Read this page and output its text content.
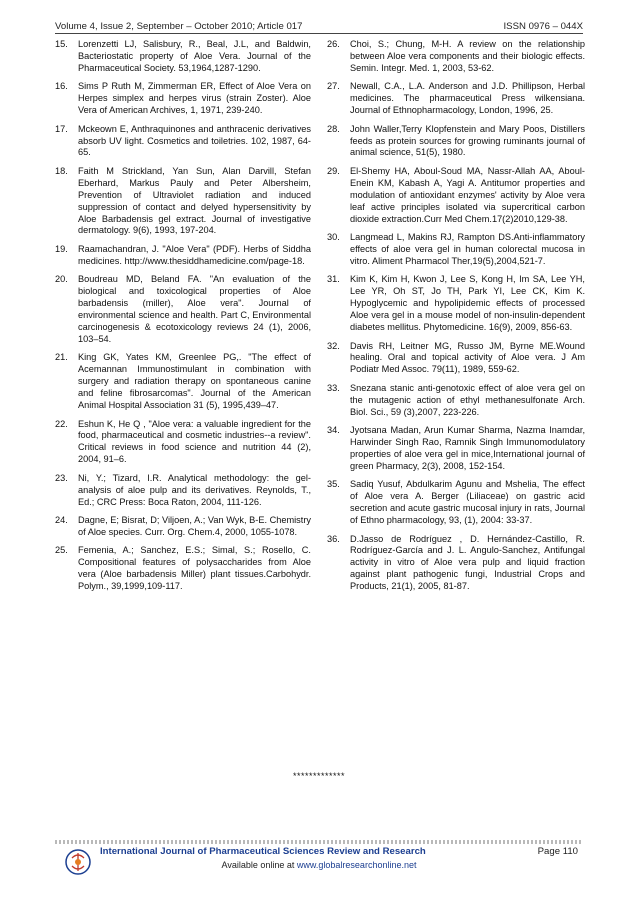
Volume 4, Issue 2, September – October 2010; Article 017	ISSN 0976 – 044X
15.	Lorenzetti LJ, Salisbury, R., Beal, J.L, and Baldwin, Bacteriostatic property of Aloe Vera. Journal of the Pharmaceutical Society. 53,1964,1287-1290.
16.	Sims P Ruth M, Zimmerman ER, Effect of Aloe Vera on Herpes simplex and herpes virus (strain Zoster). Aloe Vera of American Archives, 1, 1971, 239-240.
17.	Mckeown E, Anthraquinones and anthracenic derivatives absorb UV light. Cosmetics and toiletries. 102, 1987, 64-65.
18.	Faith M Strickland, Yan Sun, Alan Darvill, Stefan Eberhard, Markus Pauly and Peter Albersheim, Prevention of Ultraviolet radiation and induced suppression of contact and delyed hypersensitivity by Aloe Barbadensis gel extract. Journal of investigative dermatology. 9(6), 1993, 197-204.
19.	Raamachandran, J. "Aloe Vera" (PDF). Herbs of Siddha medicines. http://www.thesiddhamedicine.com/page-18.
20.	Boudreau MD, Beland FA. "An evaluation of the biological and toxicological properties of Aloe barbadensis (miller), Aloe vera". Journal of environmental science and health. Part C, Environmental carcinogenesis & ecotoxicology reviews 24 (1), 2006, 103–54.
21.	King GK, Yates KM, Greenlee PG,. "The effect of Acemannan Immunostimulant in combination with surgery and radiation therapy on spontaneous canine and feline fibrosarcomas". Journal of the American Animal Hospital Association 31 (5), 1995,439–47.
22.	Eshun K, He Q , "Aloe vera: a valuable ingredient for the food, pharmaceutical and cosmetic industries--a review". Critical reviews in food science and nutrition 44 (2), 2004, 91–6.
23.	Ni, Y.; Tizard, I.R. Analytical methodology: the gel-analysis of aloe pulp and its derivatives. Reynolds, T., Ed.; CRC Press: Boca Raton, 2004, 111-126.
24.	Dagne, E; Bisrat, D; Viljoen, A.; Van Wyk, B-E. Chemistry of Aloe species. Curr. Org. Chem.4, 2000, 1055-1078.
25.	Femenia, A.; Sanchez, E.S.; Simal, S.; Rosello, C. Compositional features of polysaccharides from Aloe vera (Aloe barbadensis Miller) plant tissues.Carbohydr. Polym., 39,1999,109-117.
26.	Choi, S.; Chung, M-H. A review on the relationship between Aloe vera components and their biologic effects. Semin. Integr. Med. 1, 2003, 53-62.
27.	Newall, C.A., L.A. Anderson and J.D. Phillipson, Herbal medicines. The pharmaceutical Press wilkensiana. Journal of Ethnopharmacology, London, 1996, 25.
28.	John Waller,Terry Klopfenstein and Mary Poos, Distillers feeds as protein sources for growing ruminants journal of animal science, 51(5), 1980.
29.	El-Shemy HA, Aboul-Soud MA, Nassr-Allah AA, Aboul-Enein KM, Kabash A, Yagi A. Antitumor properties and modulation of antioxidant enzymes' activity by Aloe vera leaf active principles isolated via supercritical carbon dioxide extraction.Curr Med Chem.17(2)2010,129-38.
30.	Langmead L, Makins RJ, Rampton DS.Anti-inflammatory effects of aloe vera gel in human colorectal mucosa in vitro. Aliment Pharmacol Ther,19(5),2004,521-7.
31.	Kim K, Kim H, Kwon J, Lee S, Kong H, Im SA, Lee YH, Lee YR, Oh ST, Jo TH, Park YI, Lee CK, Kim K. Hypoglycemic and hypolipidemic effects of processed Aloe vera gel in a mouse model of non-insulin-dependent diabetes mellitus. Phytomedicine. 16(9), 2009, 856-63.
32.	Davis RH, Leitner MG, Russo JM, Byrne ME.Wound healing. Oral and topical activity of Aloe vera. J Am Podiatr Med Assoc. 79(11), 1989, 559-62.
33.	Snezana stanic anti-genotoxic effect of aloe vera gel on the mutagenic action of ethyl methanesulfonate Arch. Biol. Sci., 59 (3),2007, 223-226.
34.	Jyotsana Madan, Arun Kumar Sharma, Nazma Inamdar, Harwinder Singh Rao, Ramnik Singh Immunomodulatory properties of aloe vera gel in mice,International journal of green Pharmacy, 2(3), 2008, 152-154.
35.	Sadiq Yusuf, Abdulkarim Agunu and Mshelia, The effect of Aloe vera A. Berger (Liliaceae) on gastric acid secretion and acute gastric mucosal injury in rats, Journal of Ethno pharmacology, 93, (1), 2004: 33-37.
36.	D.Jasso de Rodríguez , D. Hernández-Castillo, R. Rodríguez-García and J. L. Angulo-Sanchez, Antifungal activity in vitro of Aloe vera pulp and liquid fraction against plant pathogenic fungi, Industrial Crops and Products, 21(1), 2005, 81-87.
*************
International Journal of Pharmaceutical Sciences Review and Research	Page 110
Available online at www.globalresearchonline.net
